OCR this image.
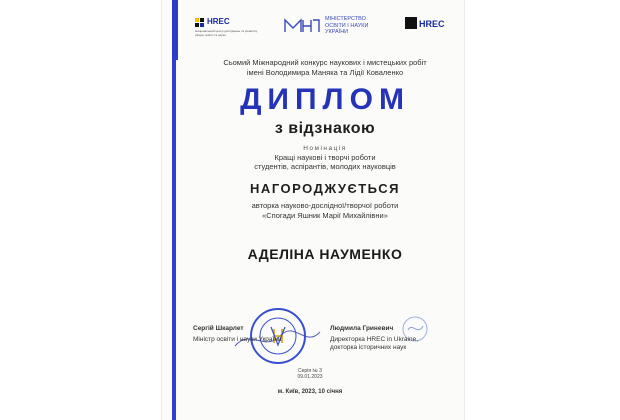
HREC
Національний центр досліджень та розвитку сфери освіти та науки
МІНІСТЕРСТВО
ОСВІТИ І НАУКИ
УКРАЇНИ
HREC
Сьомий Міжнародний конкурс наукових і мистецьких робіт
імені Володимира Маняка та Лідії Коваленко
ДИПЛОМ
з відзнакою
Номінація
Кращі наукові і творчі роботи
студентів, аспірантів, молодих науковців
НАГОРОДЖУЄТЬСЯ
авторка науково-дослідної/творчої роботи
«Спогади Яшник Марії Михайлівни»
АДЕЛІНА НАУМЕНКО
Сергій Шкарлет
Міністр освіти і науки України
Людмила Гриневич
Директорка HREC in Ukraine,
докторка історичних наук
Серія № 3
09.01.2023
м. Київ, 2023, 10 січня
